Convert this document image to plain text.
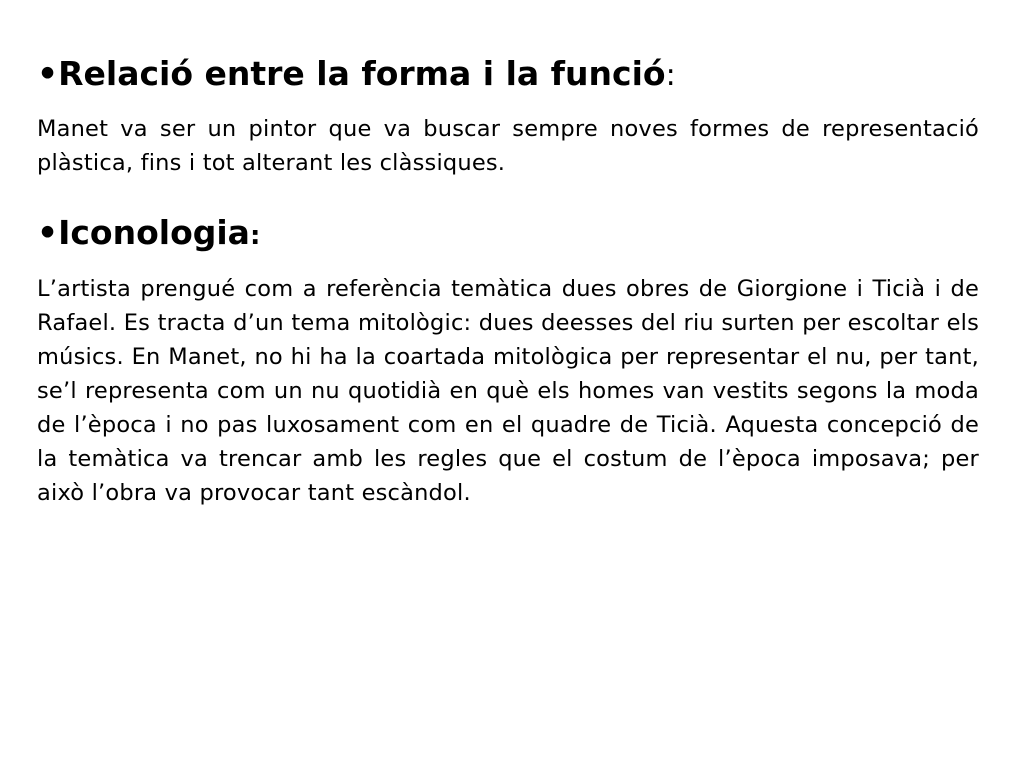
•Relació entre la forma i la funció:

Manet va ser un pintor que va buscar sempre noves formes de representació plàstica, fins i tot alterant les clàssiques.

•Iconologia:

L’artista prengué com a referència temàtica dues obres de Giorgione i Ticià i de Rafael. Es tracta d’un tema mitològic: dues deesses del riu surten per escoltar els músics. En Manet, no hi ha la coartada mitològica per representar el nu, per tant, se’l representa com un nu quotidià en què els homes van vestits segons la moda de l’època i no pas luxosament com en el quadre de Ticià. Aquesta concepció de la temàtica va trencar amb les regles que el costum de l’època imposava; per això l’obra va provocar tant escàndol.
